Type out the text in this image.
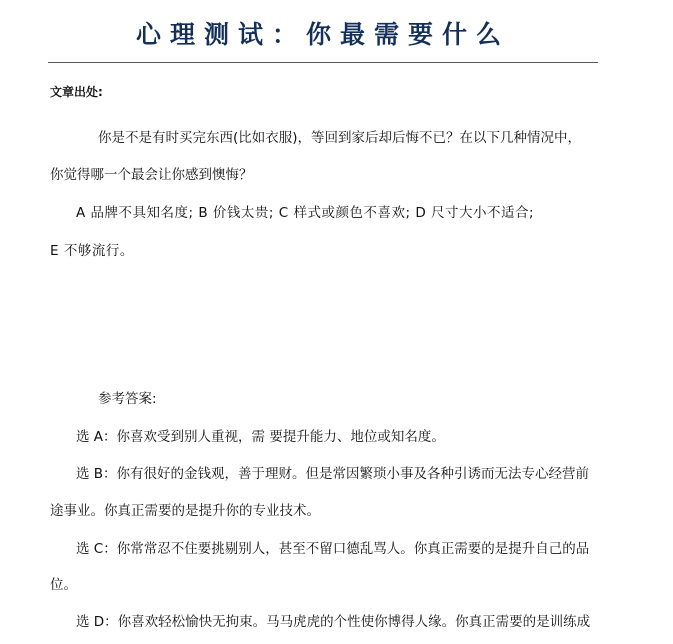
心理测试：你最需要什么
文章出处:
你是不是有时买完东西(比如衣服)，等回到家后却后悔不已？在以下几种情况中，
你觉得哪一个最会让你感到懊悔？
A 品牌不具知名度; B 价钱太贵; C 样式或颜色不喜欢; D 尺寸大小不适合;
E 不够流行。
参考答案:
选 A：你喜欢受到别人重视，需 要提升能力、地位或知名度。
选 B：你有很好的金钱观，善于理财。但是常因繁琐小事及各种引诱而无法专心经营前
途事业。你真正需要的是提升你的专业技术。
选 C：你常常忍不住要挑剔别人，甚至不留口德乱骂人。你真正需要的是提升自己的品
位。
选 D：你喜欢轻松愉快无拘束。马马虎虎的个性使你博得人缘。你真正需要的是训练成
